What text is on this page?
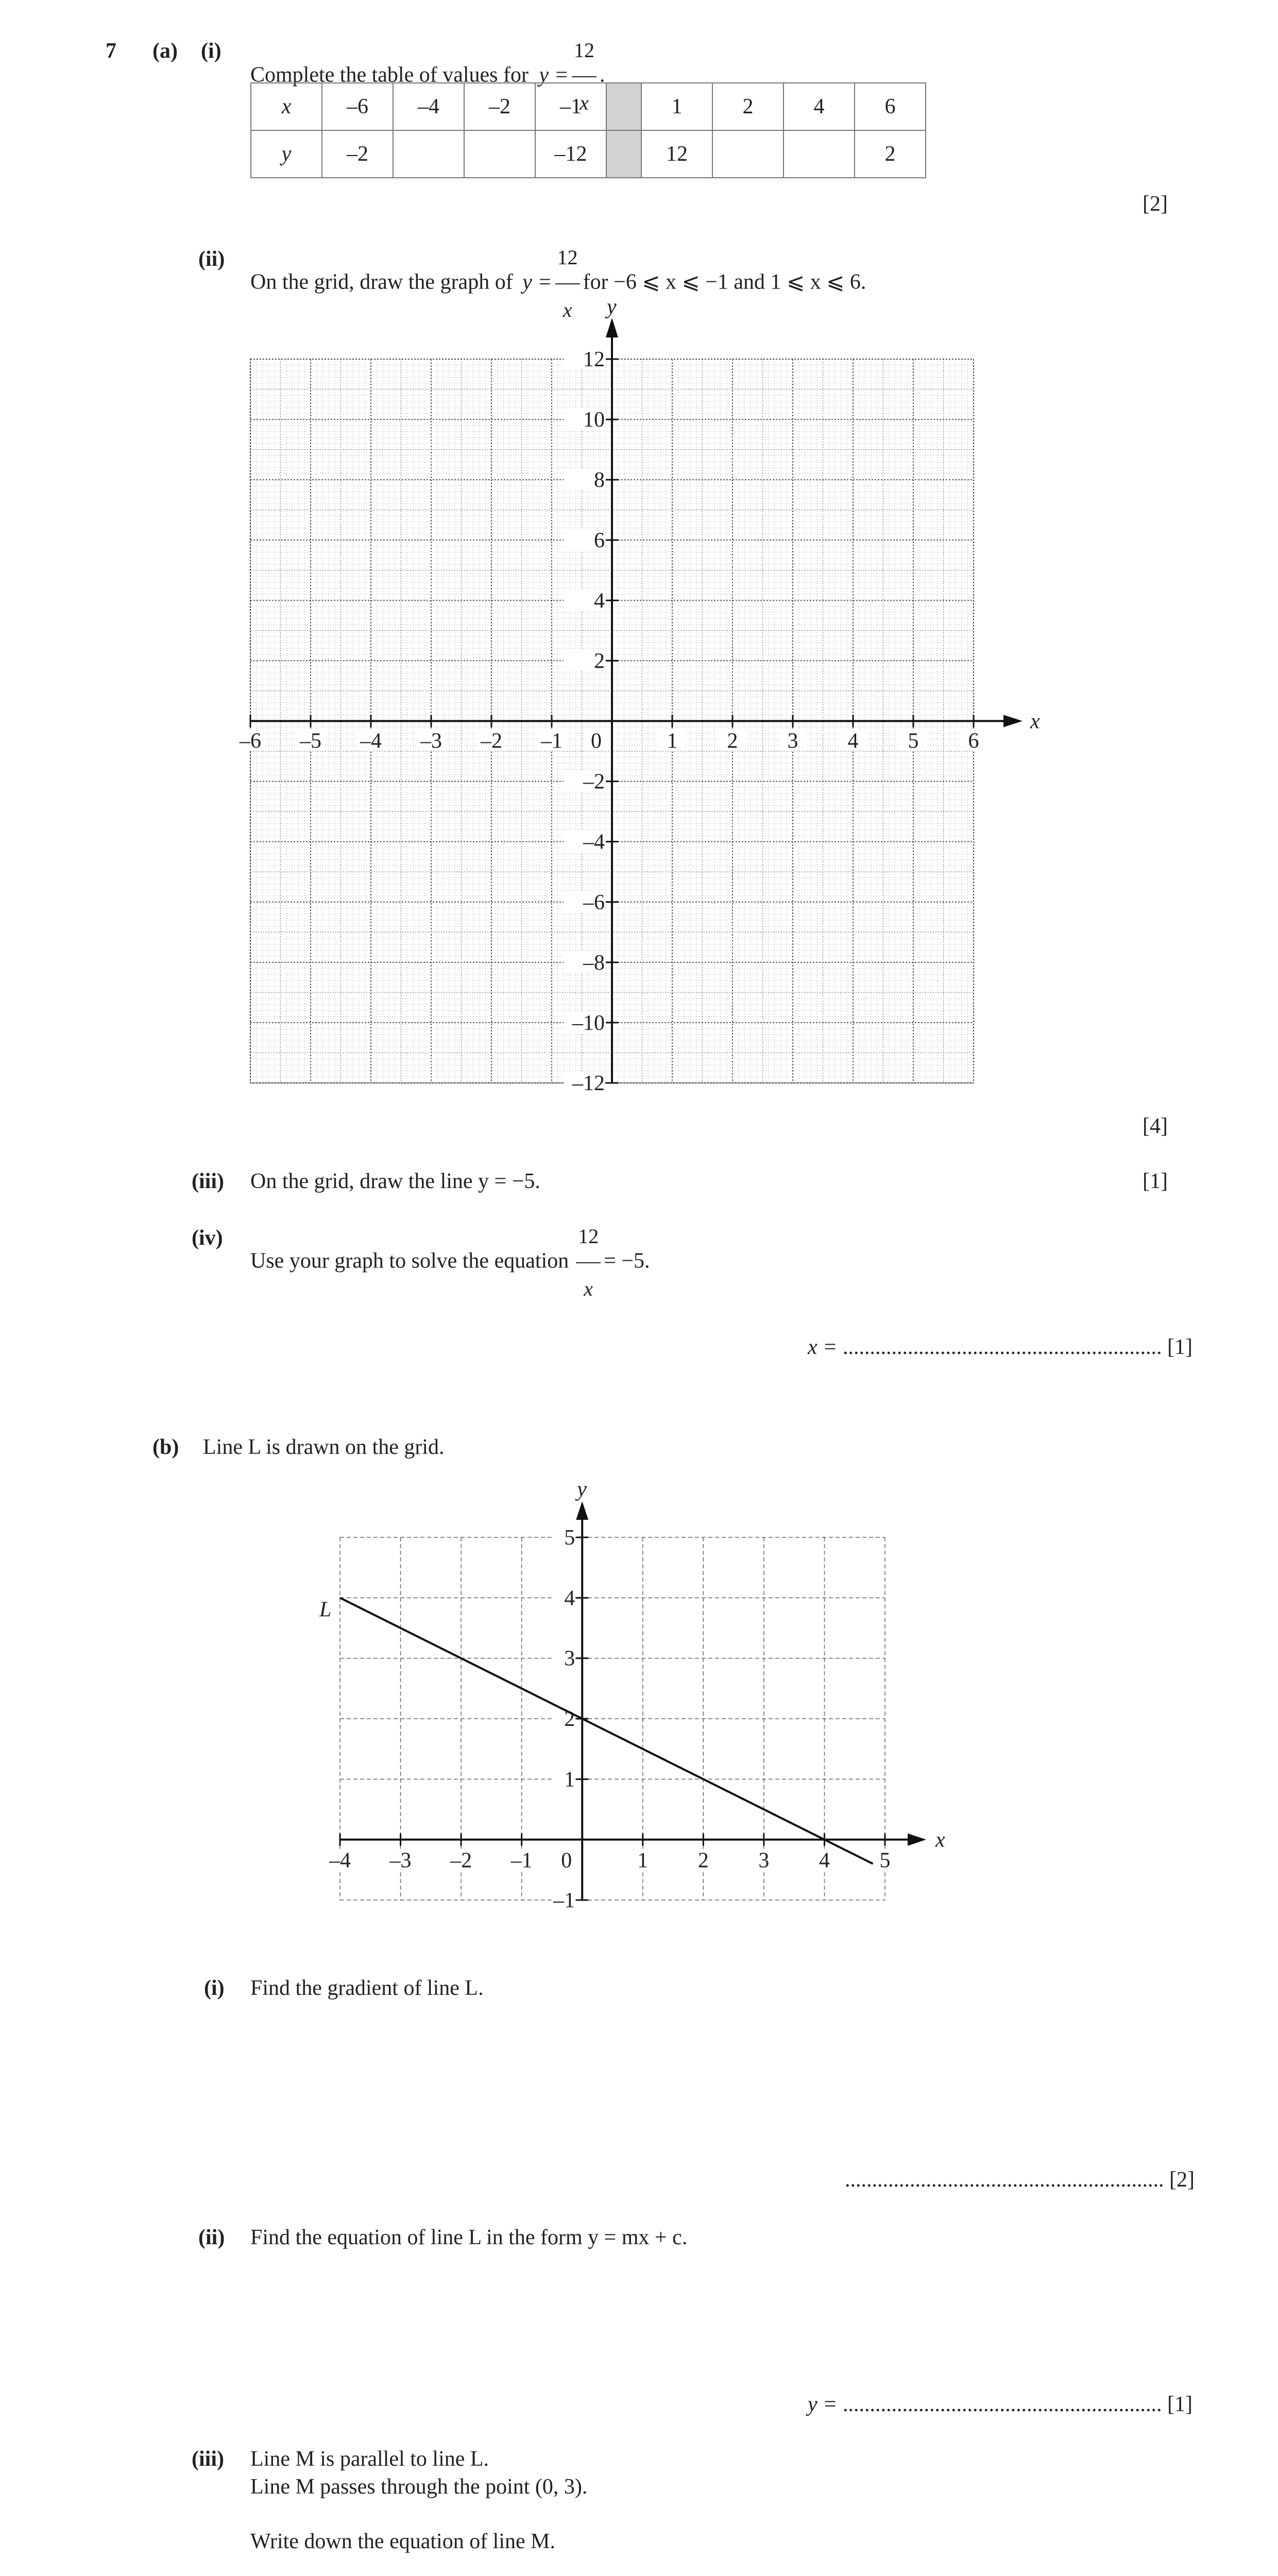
7 (a) (i)
Complete the table of values for $y = \frac{12}{x}$ .
x	–6	–4	–2	–1		1	2	4	6
y	–2			–12		12			2
[2]
(ii)
On the grid, draw the graph of $y = \frac{12}{x}$ for −6 ⩽ x ⩽ −1 and 1 ⩽ x ⩽ 6.
x
y
–6 –5 –4 –3 –2 –1	1 2 3 4 5 6
12
10
8
6
4
2
–2
–4
–6
–8
–10
–12
0
[4]
(iii) On the grid, draw the line y = −5.	[1]
(iv)
Use your graph to solve the equation $\frac{12}{x} = -5$.
x = ........................................................... [1]
(b) Line L is drawn on the grid.
x
y
–4 –3 –2 –1	1 2 3 4 5
5
4
3
2
1
–1
0
L
(i) Find the gradient of line L.
........................................................... [2]
(ii) Find the equation of line L in the form y = mx + c.
y = ........................................................... [1]
(iii) Line M is parallel to line L.
Line M passes through the point (0, 3).
Write down the equation of line M.
